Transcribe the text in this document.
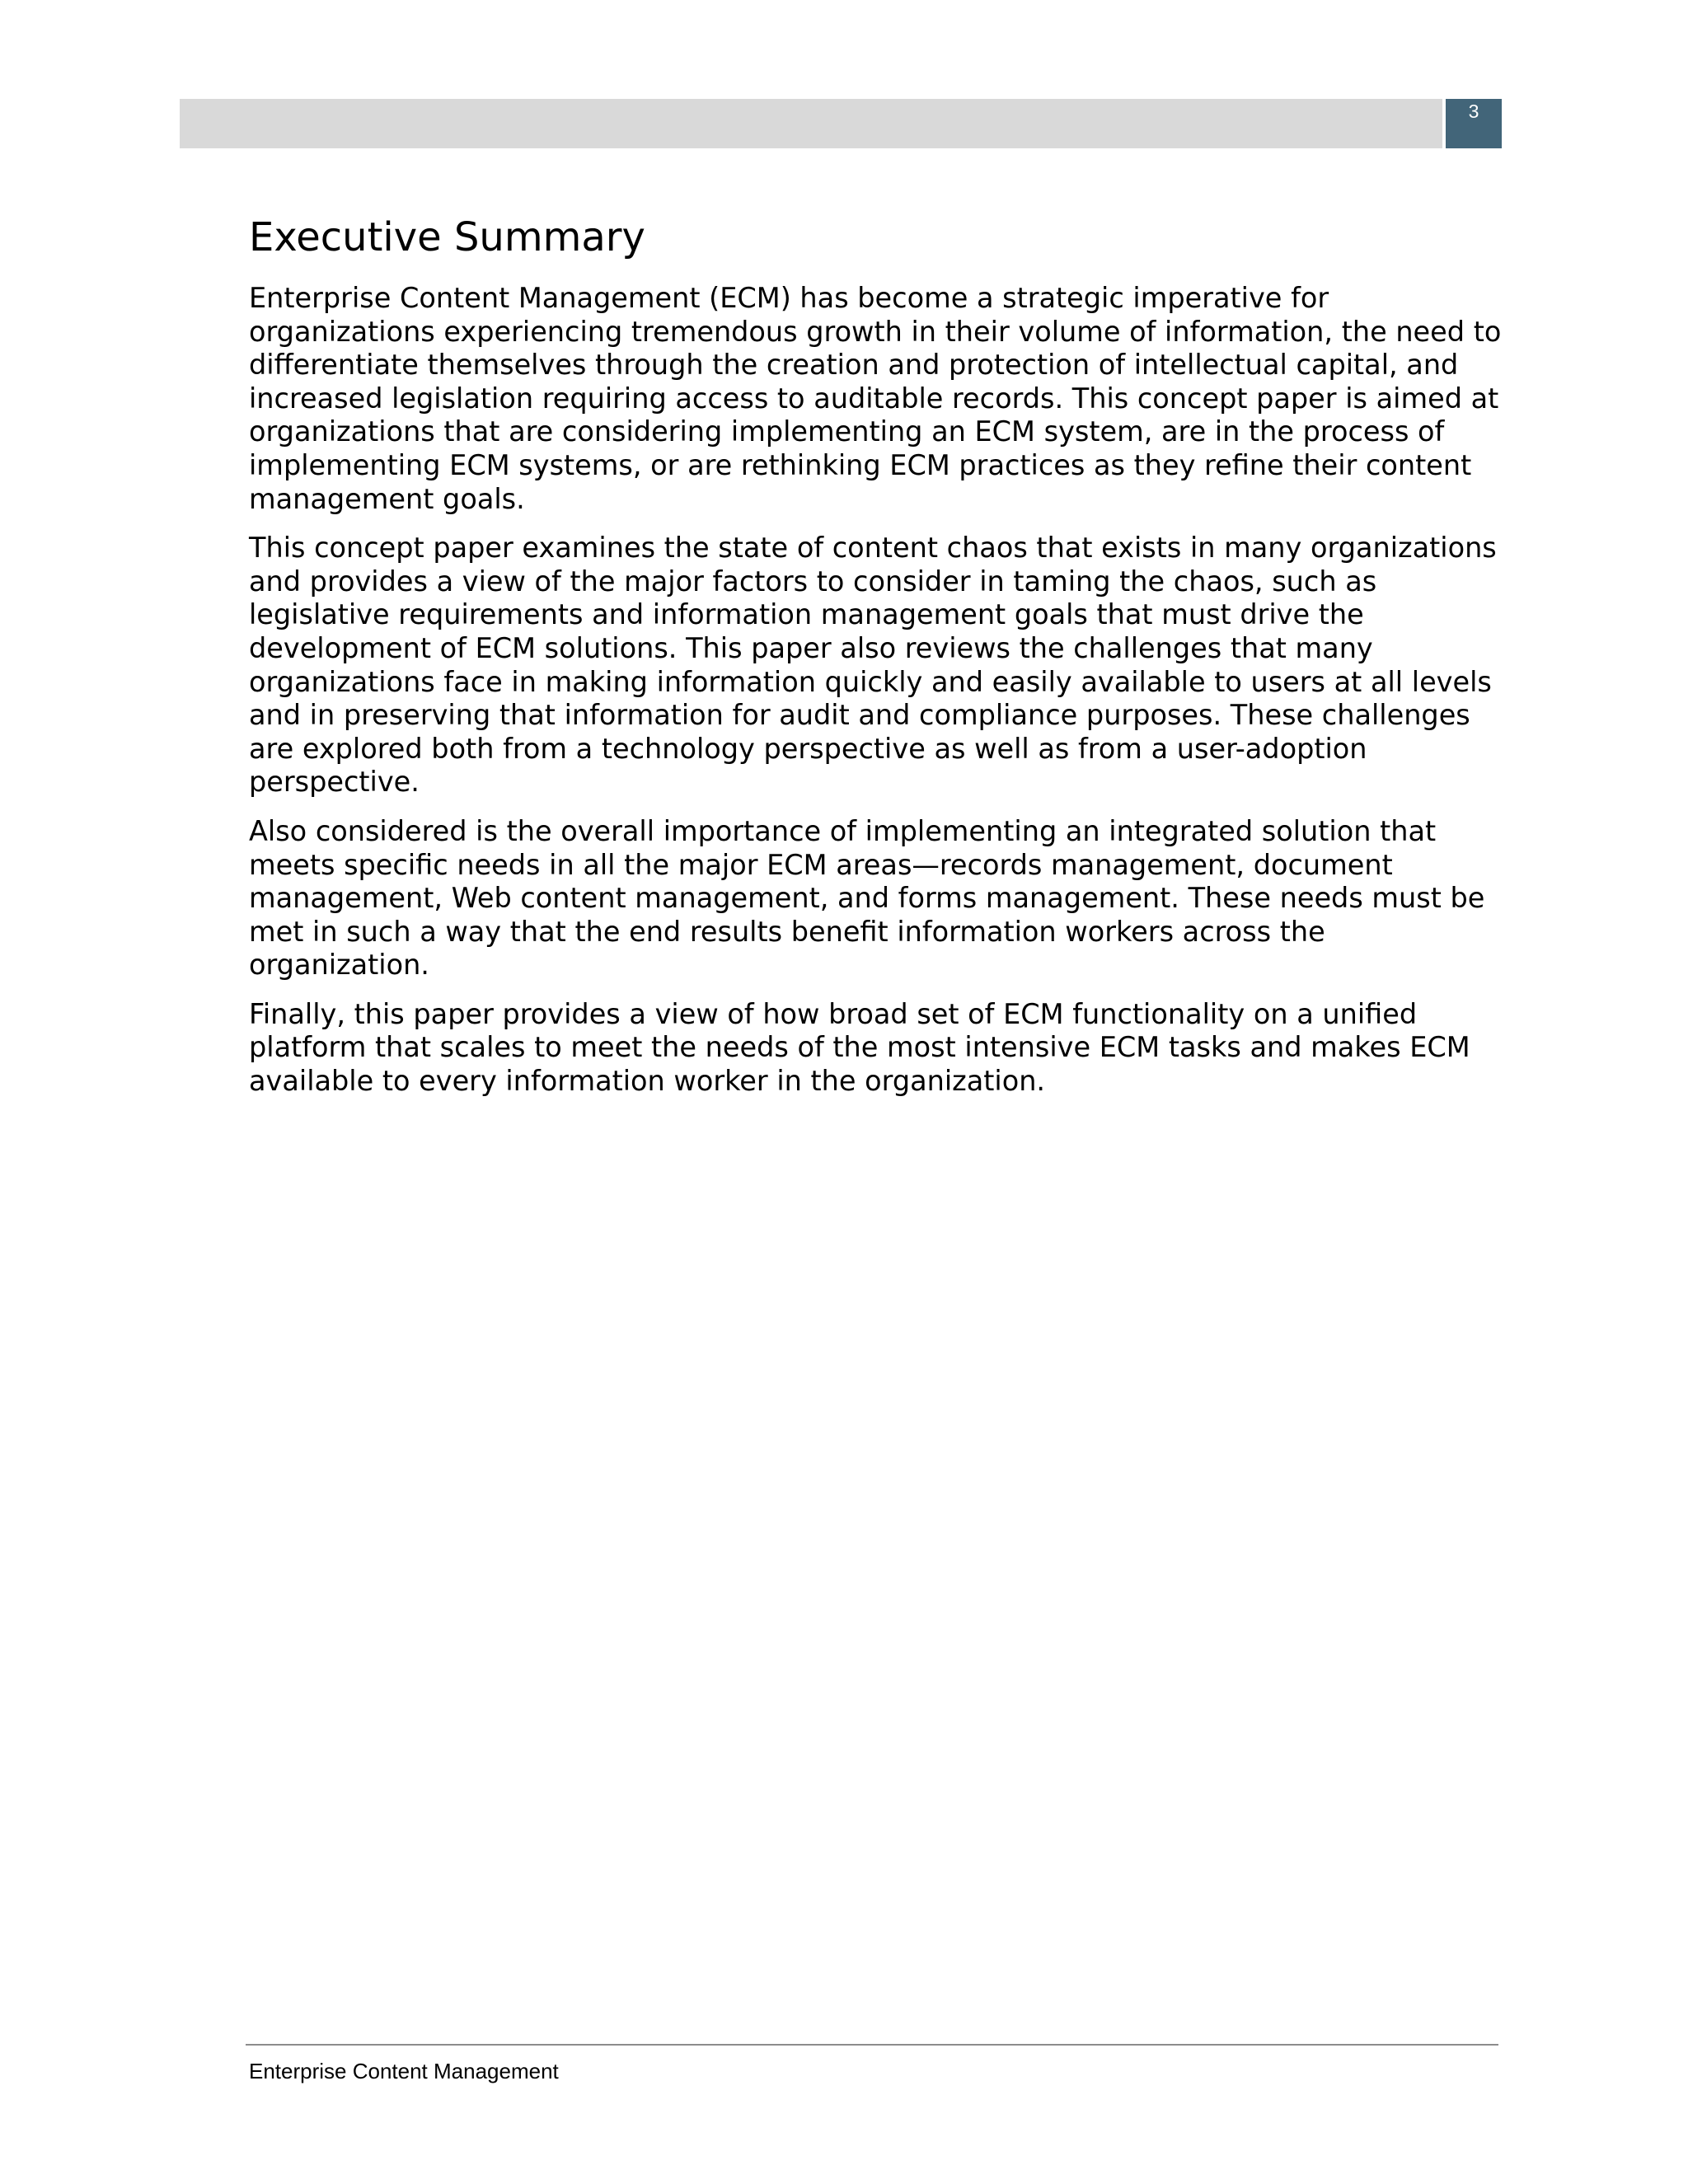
3
Executive Summary

Enterprise Content Management (ECM) has become a strategic imperative for organizations experiencing tremendous growth in their volume of information, the need to differentiate themselves through the creation and protection of intellectual capital, and increased legislation requiring access to auditable records. This concept paper is aimed at organizations that are considering implementing an ECM system, are in the process of implementing ECM systems, or are rethinking ECM practices as they refine their content management goals.

This concept paper examines the state of content chaos that exists in many organizations and provides a view of the major factors to consider in taming the chaos, such as legislative requirements and information management goals that must drive the development of ECM solutions. This paper also reviews the challenges that many organizations face in making information quickly and easily available to users at all levels and in preserving that information for audit and compliance purposes. These challenges are explored both from a technology perspective as well as from a user-adoption perspective.

Also considered is the overall importance of implementing an integrated solution that meets specific needs in all the major ECM areas—records management, document management, Web content management, and forms management. These needs must be met in such a way that the end results benefit information workers across the organization.

Finally, this paper provides a view of how broad set of ECM functionality on a unified platform that scales to meet the needs of the most intensive ECM tasks and makes ECM available to every information worker in the organization.

Enterprise Content Management
